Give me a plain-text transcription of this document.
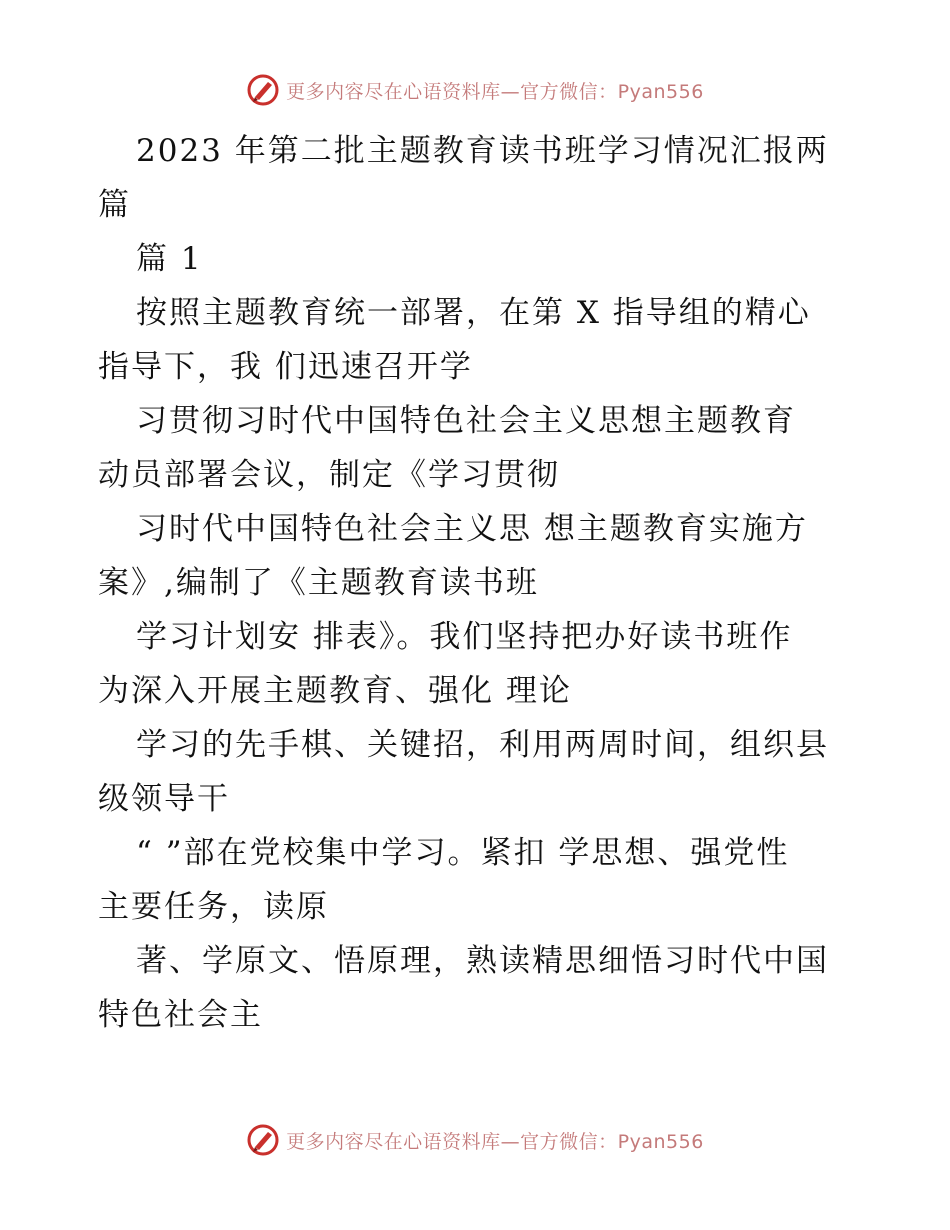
更多内容尽在心语资料库—官方微信：Pyan556
2023 年第二批主题教育读书班学习情况汇报两
篇
篇 1
按照主题教育统一部署，在第 X 指导组的精心
指导下，我 们迅速召开学
习贯彻习时代中国特色社会主义思想主题教育
动员部署会议，制定《学习贯彻
习时代中国特色社会主义思 想主题教育实施方
案》,编制了《主题教育读书班
学习计划安 排表》。我们坚持把办好读书班作
为深入开展主题教育、强化 理论
学习的先手棋、关键招，利用两周时间，组织县
级领导干
“ ”部在党校集中学习。紧扣 学思想、强党性
主要任务，读原
著、学原文、悟原理，熟读精思细悟习时代中国
特色社会主
更多内容尽在心语资料库—官方微信：Pyan556
